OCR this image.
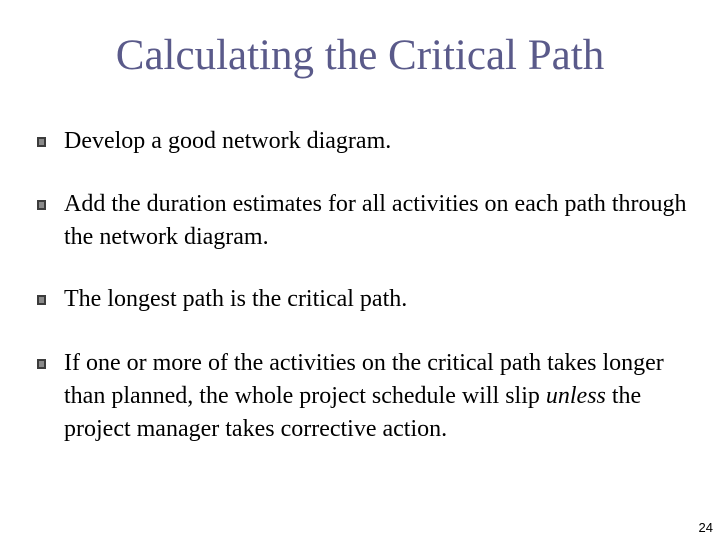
Calculating the Critical Path
Develop a good network diagram.
Add the duration estimates for all activities on each path through the network diagram.
The longest path is the critical path.
If one or more of the activities on the critical path takes longer than planned, the whole project schedule will slip unless the project manager takes corrective action.
24
